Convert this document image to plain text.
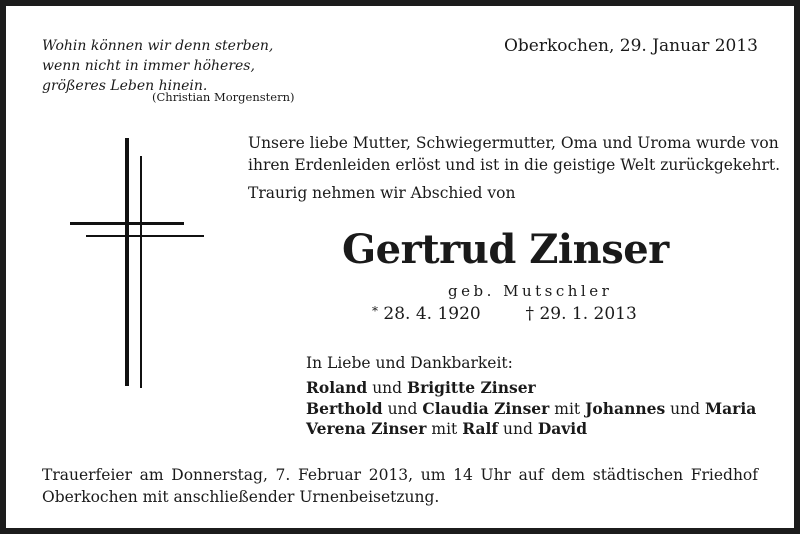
Wohin können wir denn sterben,
wenn nicht in immer höheres,
größeres Leben hinein.
(Christian Morgenstern)
Oberkochen, 29. Januar 2013
Unsere liebe Mutter, Schwiegermutter, Oma und Uroma wurde von
ihren Erdenleiden erlöst und ist in die geistige Welt zurückgekehrt.
Traurig nehmen wir Abschied von
Gertrud Zinser
geb. Mutschler
* 28. 4. 1920	† 29. 1. 2013
In Liebe und Dankbarkeit:
Roland und Brigitte Zinser
Berthold und Claudia Zinser mit Johannes und Maria
Verena Zinser mit Ralf und David
Trauerfeier am Donnerstag, 7. Februar 2013, um 14 Uhr auf dem städtischen Friedhof Oberkochen mit anschließender Urnenbeisetzung.
